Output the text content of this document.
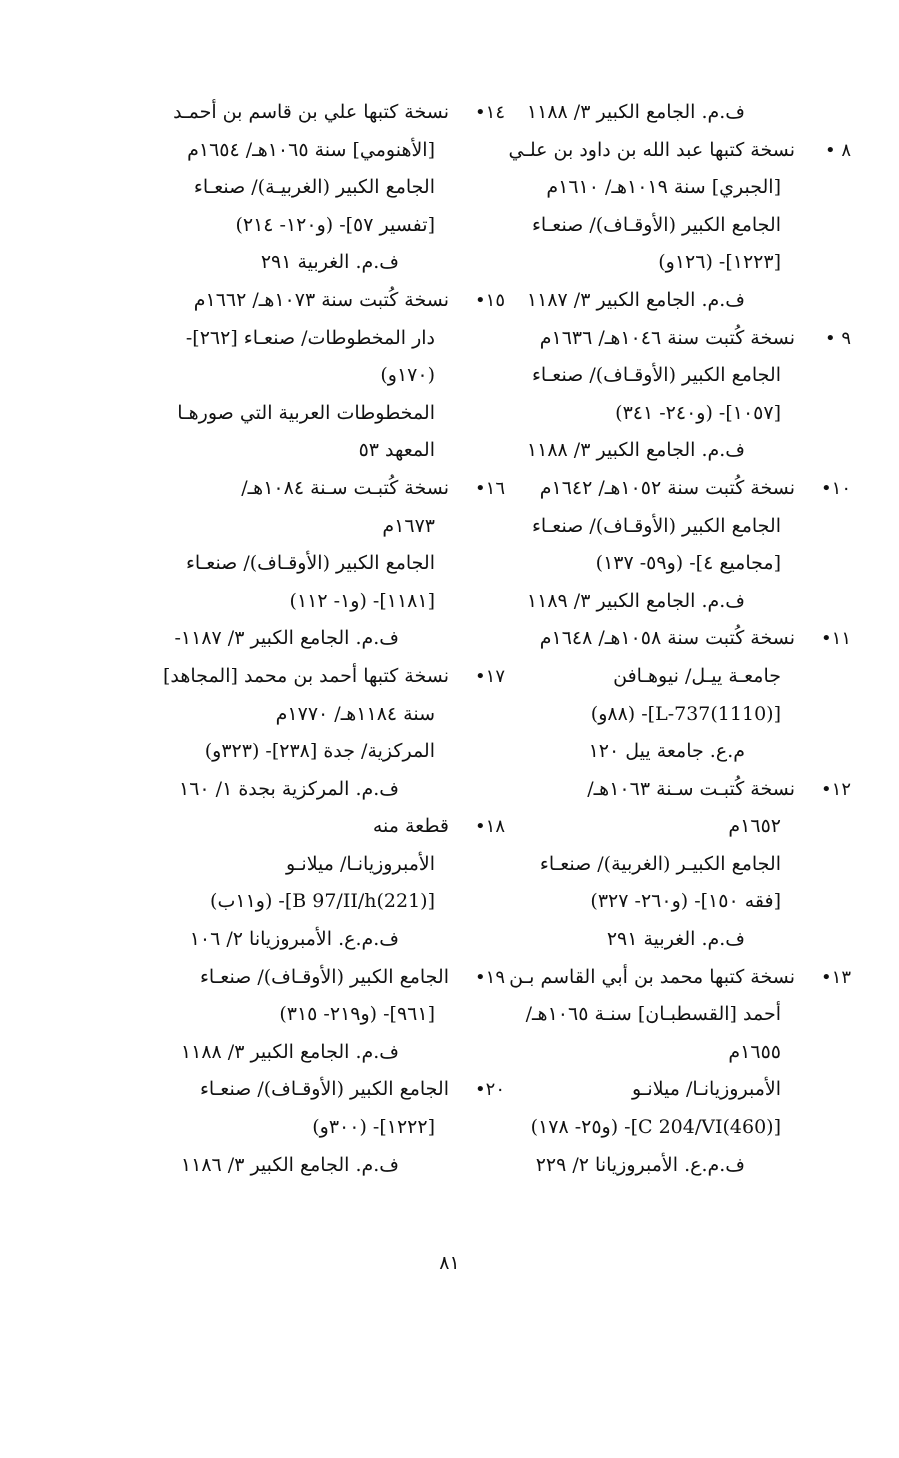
ف.م. الجامع الكبير ٣/ ١١٨٨
٨ •
نسخة كتبها عبد الله بن داود بن علـي
[الجبري] سنة ١٠١٩هـ/ ١٦١٠م
الجامع الكبير (الأوقـاف)/ صنعـاء
[١٢٢٣]- (١٢٦و)
ف.م. الجامع الكبير ٣/ ١١٨٧
٩ •
نسخة كُتبت سنة ١٠٤٦هـ/ ١٦٣٦م
الجامع الكبير (الأوقـاف)/ صنعـاء
[١٠٥٧]- (و٢٤٠- ٣٤١)
ف.م. الجامع الكبير ٣/ ١١٨٨
١٠•
نسخة كُتبت سنة ١٠٥٢هـ/ ١٦٤٢م
الجامع الكبير (الأوقـاف)/ صنعـاء
[مجاميع ٤]- (و٥٩- ١٣٧)
ف.م. الجامع الكبير ٣/ ١١٨٩
١١•
نسخة كُتبت سنة ١٠٥٨هـ/ ١٦٤٨م
جامعـة ييـل/ نيوهـافن
[L-737(1110)]- (٨٨و)
م.ع. جامعة ييل ١٢٠
١٢•
نسخة كُتبـت سـنة ١٠٦٣هـ/
١٦٥٢م
الجامع الكبيـر (الغربية)/ صنعـاء
[فقه ١٥٠]- (و٢٦٠- ٣٢٧)
ف.م. الغربية ٢٩١
١٣•
نسخة كتبها محمد بن أبي القاسم بـن
أحمد [القسطبـان] سنـة ١٠٦٥هـ/
١٦٥٥م
الأمبروزيانـا/ ميلانـو
[C 204/VI(460)]- (و٢٥- ١٧٨)
ف.م.ع. الأمبروزيانا ٢/ ٢٢٩
١٤•
نسخة كتبها علي بن قاسم بن أحمـد
[الأهنومي] سنة ١٠٦٥هـ/ ١٦٥٤م
الجامع الكبير (الغربيـة)/ صنعـاء
[تفسير ٥٧]- (و١٢٠- ٢١٤)
ف.م. الغربية ٢٩١
١٥•
نسخة كُتبت سنة ١٠٧٣هـ/ ١٦٦٢م
دار المخطوطات/ صنعـاء [٢٦٢]-
(١٧٠و)
المخطوطات العربية التي صورهـا
المعهد ٥٣
١٦•
نسخة كُتبـت سـنة ١٠٨٤هـ/
١٦٧٣م
الجامع الكبير (الأوقـاف)/ صنعـاء
[١١٨١]- (و١- ١١٢)
ف.م. الجامع الكبير ٣/ ١١٨٧-
١٧•
نسخة كتبها أحمد بن محمد [المجاهد]
سنة ١١٨٤هـ/ ١٧٧٠م
المركزية/ جدة [٢٣٨]- (٣٢٣و)
ف.م. المركزية بجدة ١/ ١٦٠
١٨•
قطعة منه
الأمبروزيانـا/ ميلانـو
[B 97/II/h(221)]- (و١١ب)
ف.م.ع. الأمبروزيانا ٢/ ١٠٦
١٩•
الجامع الكبير (الأوقـاف)/ صنعـاء
[٩٦١]- (و٢١٩- ٣١٥)
ف.م. الجامع الكبير ٣/ ١١٨٨
٢٠•
الجامع الكبير (الأوقـاف)/ صنعـاء
[١٢٢٢]- (٣٠٠و)
ف.م. الجامع الكبير ٣/ ١١٨٦
٨١
